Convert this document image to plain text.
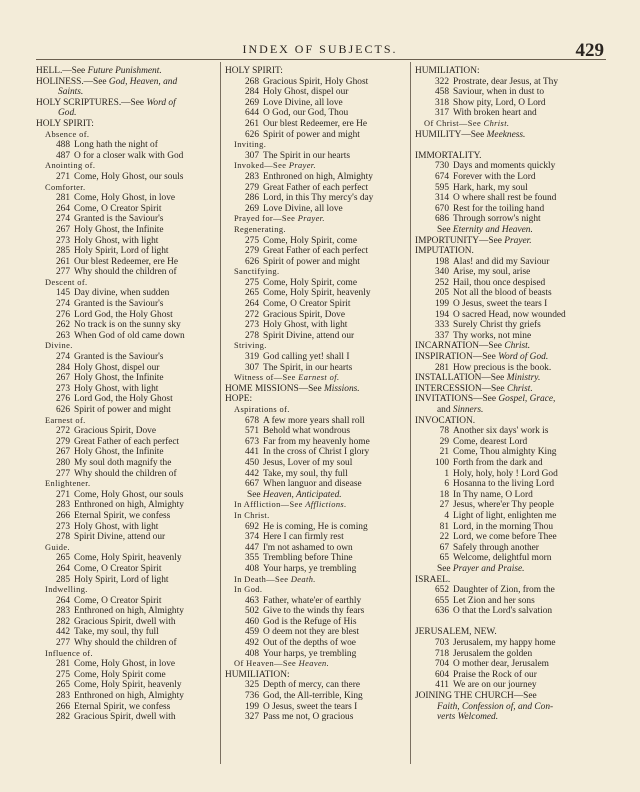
INDEX OF SUBJECTS.	429
HELL.—See Future Punishment.
HOLINESS.—See God, Heaven, and
Saints.
HOLY SCRIPTURES.—See Word of
God.
HOLY SPIRIT:
Absence of.
488 Long hath the night of
487 O for a closer walk with God
Anointing of.
271 Come, Holy Ghost, our souls
Comforter.
281 Come, Holy Ghost, in love
264 Come, O Creator Spirit
274 Granted is the Saviour's
267 Holy Ghost, the Infinite
273 Holy Ghost, with light
285 Holy Spirit, Lord of light
261 Our blest Redeemer, ere He
277 Why should the children of
Descent of.
145 Day divine, when sudden
274 Granted is the Saviour's
276 Lord God, the Holy Ghost
262 No track is on the sunny sky
263 When God of old came down
Divine.
274 Granted is the Saviour's
284 Holy Ghost, dispel our
267 Holy Ghost, the Infinite
273 Holy Ghost, with light
276 Lord God, the Holy Ghost
626 Spirit of power and might
Earnest of.
272 Gracious Spirit, Dove
279 Great Father of each perfect
267 Holy Ghost, the Infinite
280 My soul doth magnify the
277 Why should the children of
Enlightener.
271 Come, Holy Ghost, our souls
283 Enthroned on high, Almighty
266 Eternal Spirit, we confess
273 Holy Ghost, with light
278 Spirit Divine, attend our
Guide.
265 Come, Holy Spirit, heavenly
264 Come, O Creator Spirit
285 Holy Spirit, Lord of light
Indwelling.
264 Come, O Creator Spirit
283 Enthroned on high, Almighty
282 Gracious Spirit, dwell with
442 Take, my soul, thy full
277 Why should the children of
Influence of.
281 Come, Holy Ghost, in love
275 Come, Holy Spirit come
265 Come, Holy Spirit, heavenly
283 Enthroned on high, Almighty
266 Eternal Spirit, we confess
282 Gracious Spirit, dwell with
HOLY SPIRIT:
268 Gracious Spirit, Holy Ghost
284 Holy Ghost, dispel our
269 Love Divine, all love
644 O God, our God, Thou
261 Our blest Redeemer, ere He
626 Spirit of power and might
Inviting.
307 The Spirit in our hearts
Invoked—See Prayer.
283 Enthroned on high, Almighty
279 Great Father of each perfect
286 Lord, in this Thy mercy's day
269 Love Divine, all love
Prayed for—See Prayer.
Regenerating.
275 Come, Holy Spirit, come
279 Great Father of each perfect
626 Spirit of power and might
Sanctifying.
275 Come, Holy Spirit, come
265 Come, Holy Spirit, heavenly
264 Come, O Creator Spirit
272 Gracious Spirit, Dove
273 Holy Ghost, with light
278 Spirit Divine, attend our
Striving.
319 God calling yet! shall I
307 The Spirit, in our hearts
Witness of—See Earnest of.
HOME MISSIONS—See Missions.
HOPE:
Aspirations of.
678 A few more years shall roll
571 Behold what wondrous
673 Far from my heavenly home
441 In the cross of Christ I glory
450 Jesus, Lover of my soul
442 Take, my soul, thy full
667 When languor and disease
See Heaven, Anticipated.
In Affliction—See Afflictions.
In Christ.
692 He is coming, He is coming
374 Here I can firmly rest
447 I'm not ashamed to own
355 Trembling before Thine
408 Your harps, ye trembling
In Death—See Death.
In God.
463 Father, whate'er of earthly
502 Give to the winds thy fears
460 God is the Refuge of His
459 O deem not they are blest
492 Out of the depths of woe
408 Your harps, ye trembling
Of Heaven—See Heaven.
HUMILIATION:
325 Depth of mercy, can there
736 God, the All-terrible, King
199 O Jesus, sweet the tears I
327 Pass me not, O gracious
HUMILIATION:
322 Prostrate, dear Jesus, at Thy
458 Saviour, when in dust to
318 Show pity, Lord, O Lord
317 With broken heart and
Of Christ—See Christ.
HUMILITY—See Meekness.
IMMORTALITY.
730 Days and moments quickly
674 Forever with the Lord
595 Hark, hark, my soul
314 O where shall rest be found
670 Rest for the toiling hand
686 Through sorrow's night
See Eternity and Heaven.
IMPORTUNITY—See Prayer.
IMPUTATION.
198 Alas! and did my Saviour
340 Arise, my soul, arise
252 Hail, thou once despised
205 Not all the blood of beasts
199 O Jesus, sweet the tears I
194 O sacred Head, now wounded
333 Surely Christ thy griefs
337 Thy works, not mine
INCARNATION—See Christ.
INSPIRATION—See Word of God.
281 How precious is the book.
INSTALLATION—See Ministry.
INTERCESSION—See Christ.
INVITATIONS—See Gospel, Grace,
and Sinners.
INVOCATION.
78 Another six days' work is
29 Come, dearest Lord
21 Come, Thou almighty King
100 Forth from the dark and
1 Holy, holy, holy ! Lord God
6 Hosanna to the living Lord
18 In Thy name, O Lord
27 Jesus, where'er Thy people
4 Light of light, enlighten me
81 Lord, in the morning Thou
22 Lord, we come before Thee
67 Safely through another
65 Welcome, delightful morn
See Prayer and Praise.
ISRAEL.
652 Daughter of Zion, from the
655 Let Zion and her sons
636 O that the Lord's salvation
JERUSALEM, NEW.
703 Jerusalem, my happy home
718 Jerusalem the golden
704 O mother dear, Jerusalem
604 Praise the Rock of our
411 We are on our journey
JOINING THE CHURCH—See
Faith, Confession of, and Con-
verts Welcomed.
